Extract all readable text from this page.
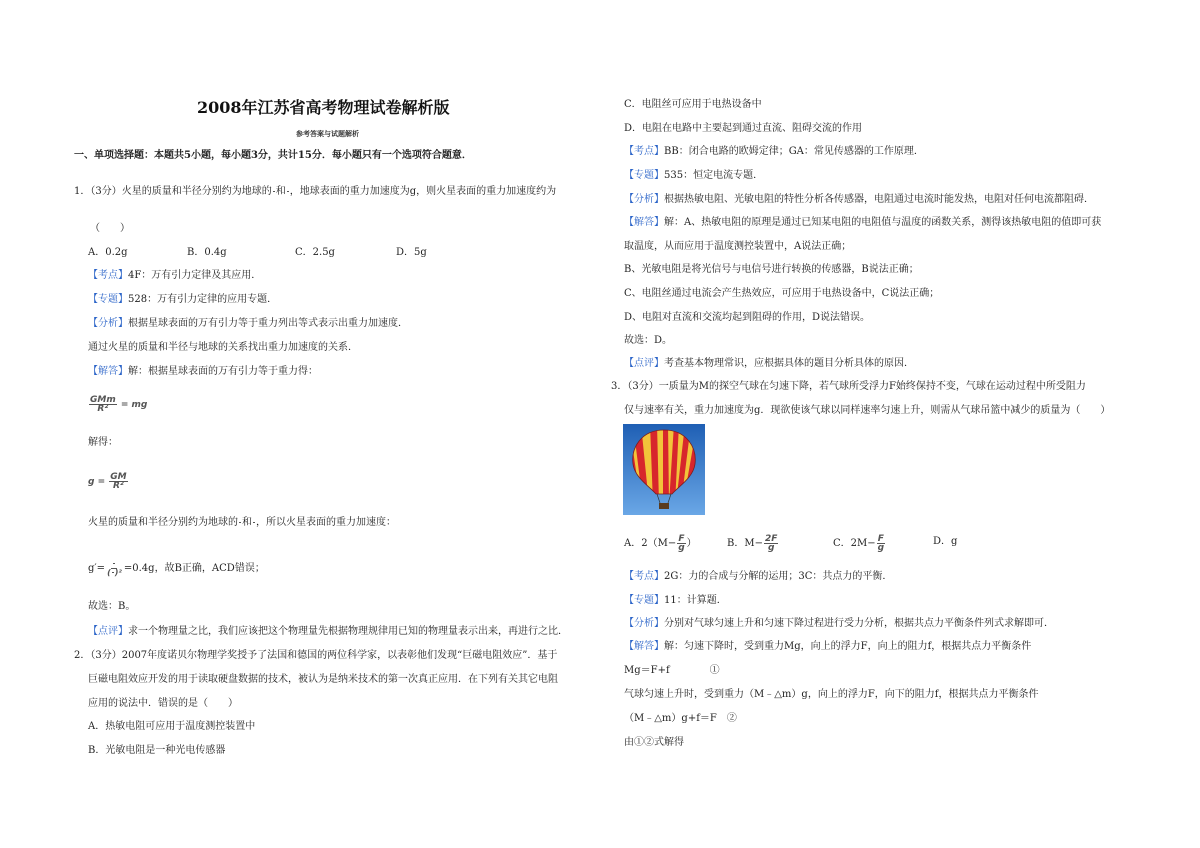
2008年江苏省高考物理试卷解析版
参考答案与试题解析
一、单项选择题：本题共5小题，每小题3分，共计15分．每小题只有一个选项符合题意．
1．（3分）火星的质量和半径分别约为地球的 和 ，地球表面的重力加速度为g，则火星表面的重力加速度约为
（　　）
A．0.2g	B．0.4g	C．2.5g	D．5g
【考点】4F：万有引力定律及其应用．
【专题】528：万有引力定律的应用专题．
【分析】根据星球表面的万有引力等于重力列出等式表示出重力加速度．
通过火星的质量和半径与地球的关系找出重力加速度的关系．
【解答】解：根据星球表面的万有引力等于重力得：
$\frac{\text{GMm}}{\text{R²}}$ = mg
解得：
$g = \frac{GM}{\text{R²}}$
火星的质量和半径分别约为地球的 和 ，所以火星表面的重力加速度：
g′= ( )² =0.4g，故B正确，ACD错误；
故选：B。
【点评】求一个物理量之比，我们应该把这个物理量先根据物理规律用已知的物理量表示出来，再进行之比．
2．（3分）2007年度诺贝尔物理学奖授予了法国和德国的两位科学家，以表彰他们发现“巨磁电阻效应”．基于
巨磁电阻效应开发的用于读取硬盘数据的技术，被认为是纳米技术的第一次真正应用．在下列有关其它电阻
应用的说法中．错误的是（　　）
A．热敏电阻可应用于温度测控装置中
B．光敏电阻是一种光电传感器
C．电阻丝可应用于电热设备中
D．电阻在电路中主要起到通过直流、阻碍交流的作用
【考点】BB：闭合电路的欧姆定律；GA：常见传感器的工作原理．
【专题】535：恒定电流专题．
【分析】根据热敏电阻、光敏电阻的特性分析各传感器，电阻通过电流时能发热，电阻对任何电流都阻碍．
【解答】解：A、热敏电阻的原理是通过已知某电阻的电阻值与温度的函数关系，测得该热敏电阻的值即可获
取温度，从而应用于温度测控装置中，A说法正确；
B、光敏电阻是将光信号与电信号进行转换的传感器，B说法正确；
C、电阻丝通过电流会产生热效应，可应用于电热设备中，C说法正确；
D、电阻对直流和交流均起到阻碍的作用，D说法错误。
故选：D。
【点评】考查基本物理常识，应根据具体的题目分析具体的原因．
3．（3分）一质量为M的探空气球在匀速下降，若气球所受浮力F始终保持不变，气球在运动过程中所受阻力
仅与速率有关，重力加速度为g．现欲使该气球以同样速率匀速上升，则需从气球吊篮中减少的质量为（　　）
A．$2(M- \frac{F}{g}$ ）	B．$M- \frac{2F}{g}$	C．$2M- \frac{F}{g}$	D．g
【考点】2G：力的合成与分解的运用；3C：共点力的平衡．
【专题】11：计算题．
【分析】分别对气球匀速上升和匀速下降过程进行受力分析，根据共点力平衡条件列式求解即可．
【解答】解：匀速下降时，受到重力Mg，向上的浮力F，向上的阻力f，根据共点力平衡条件
Mg＝F+f　　　　①
气球匀速上升时，受到重力（M﹣△m）g，向上的浮力F，向下的阻力f，根据共点力平衡条件
（M﹣△m）g+f＝F　②
由①②式解得
